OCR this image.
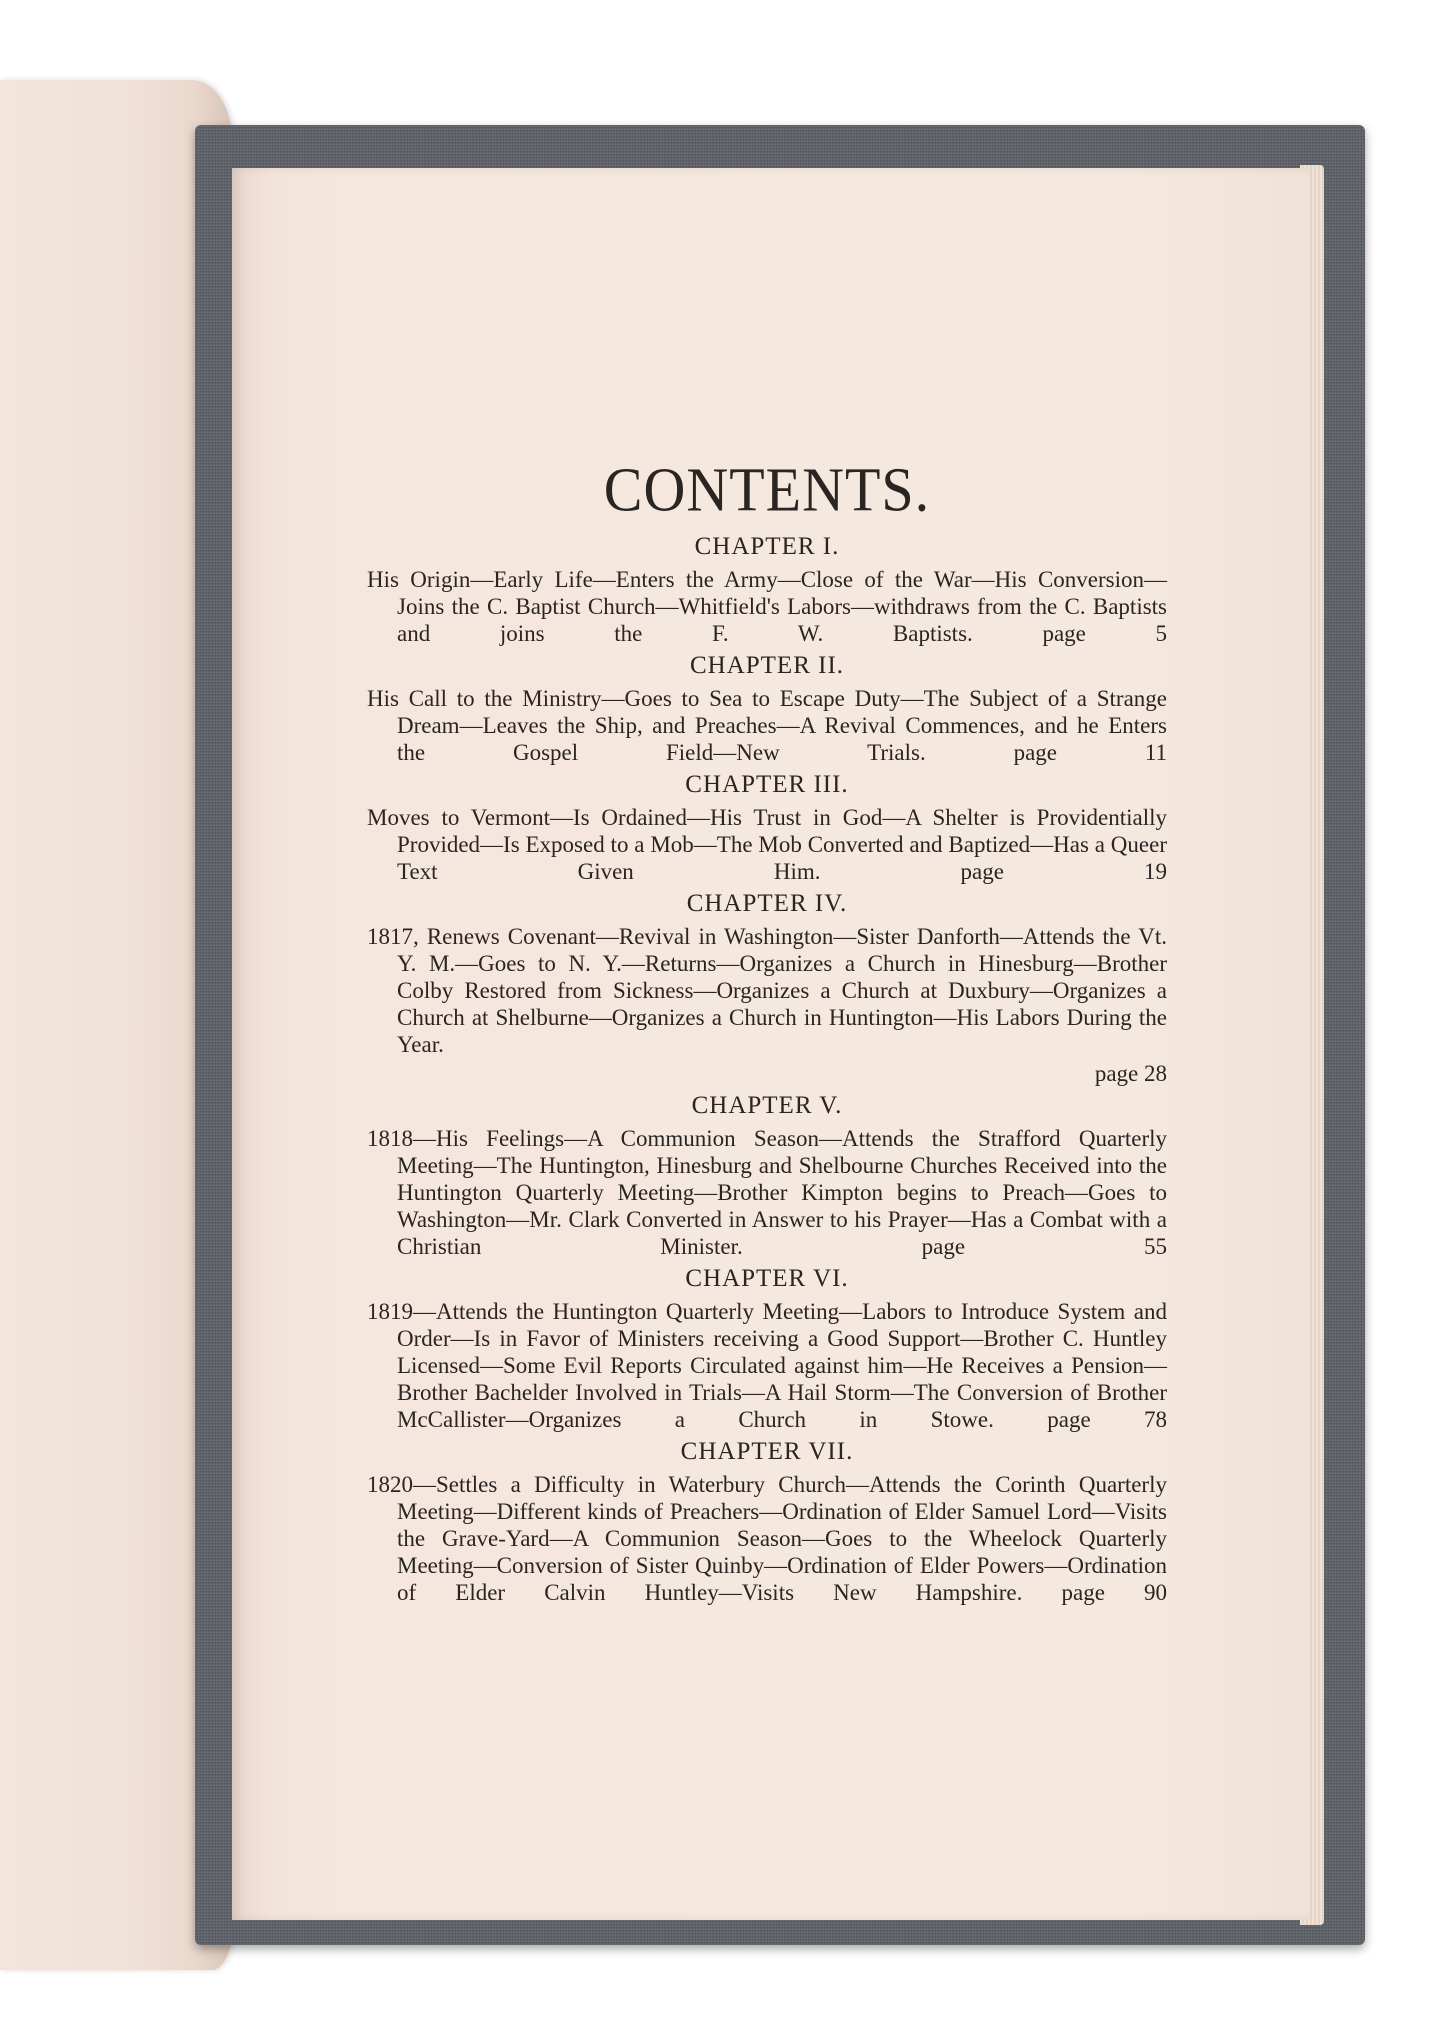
CONTENTS.
CHAPTER I.

His Origin—Early Life—Enters the Army—Close of the War—His Conversion—Joins the C. Baptist Church—Whitfield's Labors—withdraws from the C. Baptists and joins the F. W. Baptists.	page 5

CHAPTER II.

His Call to the Ministry—Goes to Sea to Escape Duty—The Subject of a Strange Dream—Leaves the Ship, and Preaches—A Revival Commences, and he Enters the Gospel Field—New Trials.	page 11

CHAPTER III.

Moves to Vermont—Is Ordained—His Trust in God—A Shelter is Providentially Provided—Is Exposed to a Mob—The Mob Converted and Baptized—Has a Queer Text Given Him.	page 19

CHAPTER IV.

1817, Renews Covenant—Revival in Washington—Sister Danforth—Attends the Vt. Y. M.—Goes to N. Y.—Returns—Organizes a Church in Hinesburg—Brother Colby Restored from Sickness—Organizes a Church at Duxbury—Organizes a Church at Shelburne—Organizes a Church in Huntington—His Labors During the Year.

page 28
CHAPTER V.

1818—His Feelings—A Communion Season—Attends the Strafford Quarterly Meeting—The Huntington, Hinesburg and Shelbourne Churches Received into the Huntington Quarterly Meeting—Brother Kimpton begins to Preach—Goes to Washington—Mr. Clark Converted in Answer to his Prayer—Has a Combat with a Christian Minister.	page 55

CHAPTER VI.

1819—Attends the Huntington Quarterly Meeting—Labors to Introduce System and Order—Is in Favor of Ministers receiving a Good Support—Brother C. Huntley Licensed—Some Evil Reports Circulated against him—He Receives a Pension—Brother Bachelder Involved in Trials—A Hail Storm—The Conversion of Brother McCallister—Organizes a Church in Stowe. page 78

CHAPTER VII.

1820—Settles a Difficulty in Waterbury Church—Attends the Corinth Quarterly Meeting—Different kinds of Preachers—Ordination of Elder Samuel Lord—Visits the Grave-Yard—A Communion Season—Goes to the Wheelock Quarterly Meeting—Conversion of Sister Quinby—Ordination of Elder Powers—Ordination of Elder Calvin Huntley—Visits New Hampshire. page 90
